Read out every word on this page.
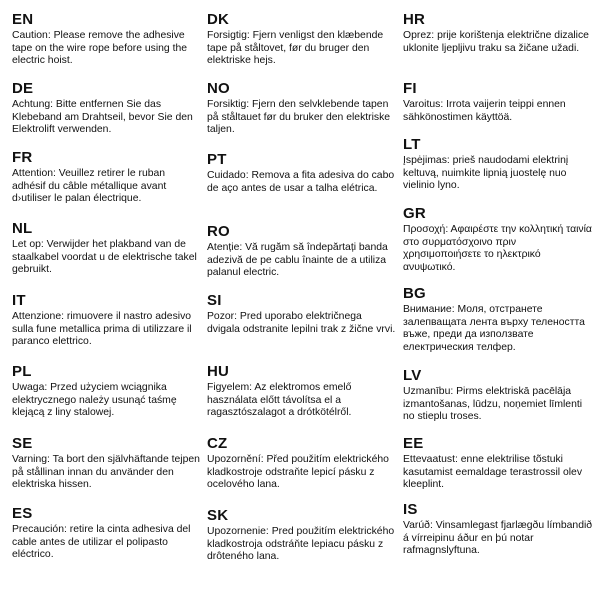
EN

Caution: Please remove the adhesive tape on the wire rope before using the electric hoist.

DE

Achtung: Bitte entfernen Sie das Klebeband am Drahtseil, bevor Sie den Elektrolift verwenden.

FR

Attention: Veuillez retirer le ruban adhésif du câble métallique avant d›utiliser le palan électrique.

NL

Let op: Verwijder het plakband van de staalkabel voordat u de elektrische takel gebruikt.

IT

Attenzione: rimuovere il nastro adesivo sulla fune metallica prima di utilizzare il paranco elettrico.

PL

Uwaga: Przed użyciem wciągnika elektrycznego należy usunąć taśmę klejącą z liny stalowej.

SE

Varning: Ta bort den självhäftande tejpen på stållinan innan du använder den elektriska hissen.

ES

Precaución: retire la cinta adhesiva del cable antes de utilizar el polipasto eléctrico.

DK

Forsigtig: Fjern venligst den klæbende tape på ståltovet, før du bruger den elektriske hejs.

NO

Forsiktig: Fjern den selvklebende tapen på ståltauet før du bruker den elektriske taljen.

PT

Cuidado: Remova a fita adesiva do cabo de aço antes de usar a talha elétrica.

RO

Atenție: Vă rugăm să îndepărtați banda adezivă de pe cablu înainte de a utiliza palanul electric.

SI

Pozor: Pred uporabo električnega dvigala odstranite lepilni trak z žične vrvi.

HU

Figyelem: Az elektromos emelő használata előtt távolítsa el a ragasztószalagot a drótkötélről.

CZ

Upozornění: Před použitím elektrického kladkostroje odstraňte lepicí pásku z ocelového lana.

SK

Upozornenie: Pred použitím elektrického kladkostroja odstráňte lepiacu pásku z drôteného lana.

HR

Oprez: prije korištenja električne dizalice uklonite ljepljivu traku sa žičane užadi.

FI

Varoitus: Irrota vaijerin teippi ennen sähkönostimen käyttöä.

LT

Įspėjimas: prieš naudodami elektrinį keltuvą, nuimkite lipnią juostelę nuo vielinio lyno.

GR

Προσοχή: Αφαιρέστε την κολλητική ταινία στο συρματόσχοινο πριν χρησιμοποιήσετε το ηλεκτρικό ανυψωτικό.

BG

Внимание: Моля, отстранете залепващата лента върху телеността въже, преди да използвате електрическия телфер.

LV

Uzmanību: Pirms elektriskā pacēlāja izmantošanas, lūdzu, noņemiet līmlenti no stieplu troses.

EE

Ettevaatust: enne elektrilise tõstuki kasutamist eemaldage terastrossil olev kleeplint.

IS

Varúð: Vinsamlegast fjarlægðu límbandið á vírreipinu áður en þú notar rafmagnslyftuna.
